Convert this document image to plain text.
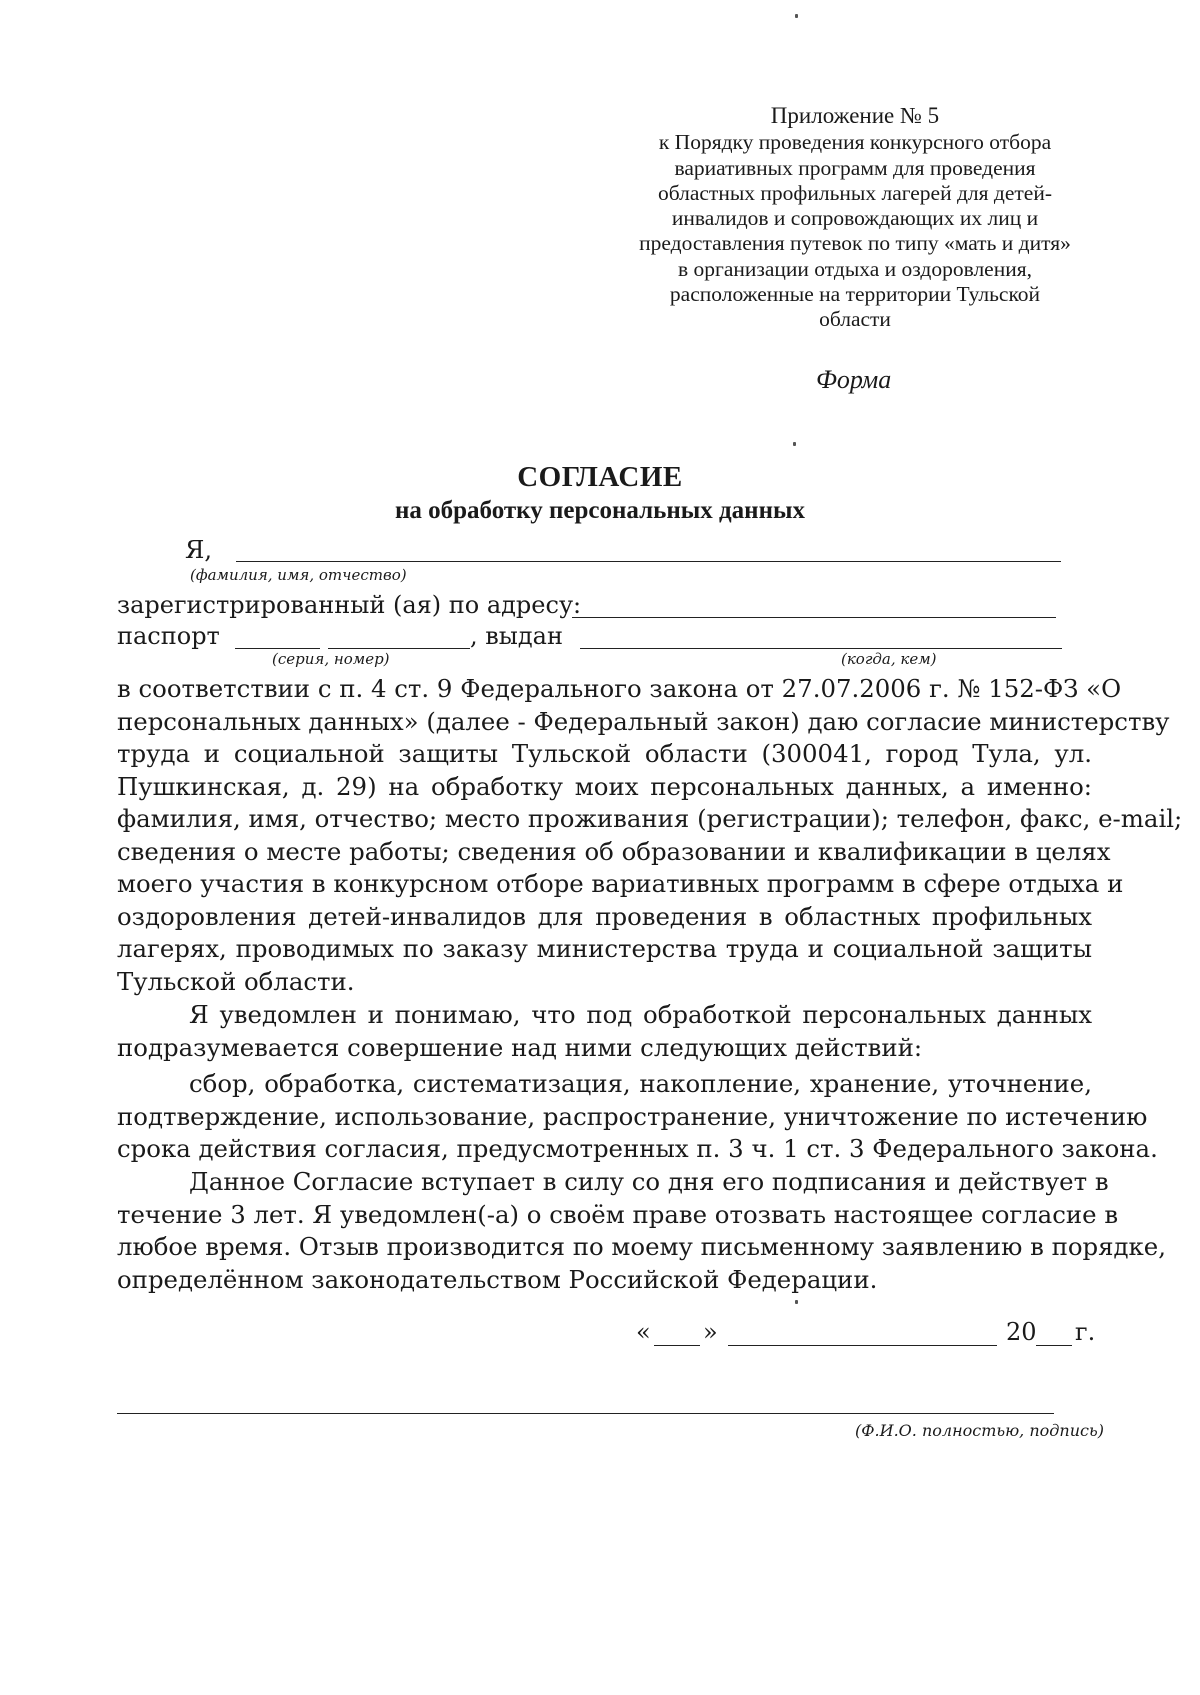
Приложение № 5
к Порядку проведения конкурсного отбора
вариативных программ для проведения
областных профильных лагерей для детей-
инвалидов и сопровождающих их лиц и
предоставления путевок по типу «мать и дитя»
в организации отдыха и оздоровления,
расположенные на территории Тульской
области
Форма
СОГЛАСИЕ
на обработку персональных данных
Я,
(фамилия, имя, отчество)
зарегистрированный (ая) по адресу:
паспорт	, выдан
(серия, номер)	(когда, кем)
в соответствии с п. 4 ст. 9 Федерального закона от 27.07.2006 г. № 152-ФЗ «О
персональных данных» (далее - Федеральный закон) даю согласие министерству
труда и социальной защиты Тульской области (300041, город Тула, ул.
Пушкинская, д. 29) на обработку моих персональных данных, а именно:
фамилия, имя, отчество; место проживания (регистрации); телефон, факс, e-mail;
сведения о месте работы; сведения об образовании и квалификации в целях
моего участия в конкурсном отборе вариативных программ в сфере отдыха и
оздоровления детей-инвалидов для проведения в областных профильных
лагерях, проводимых по заказу министерства труда и социальной защиты
Тульской области.
Я уведомлен и понимаю, что под обработкой персональных данных
подразумевается совершение над ними следующих действий:
сбор, обработка, систематизация, накопление, хранение, уточнение,
подтверждение, использование, распространение, уничтожение по истечению
срока действия согласия, предусмотренных п. 3 ч. 1 ст. 3 Федерального закона.
Данное Согласие вступает в силу со дня его подписания и действует в
течение 3 лет. Я уведомлен(-а) о своём праве отозвать настоящее согласие в
любое время. Отзыв производится по моему письменному заявлению в порядке,
определённом законодательством Российской Федерации.
« »	20 г.
(Ф.И.О. полностью, подпись)
